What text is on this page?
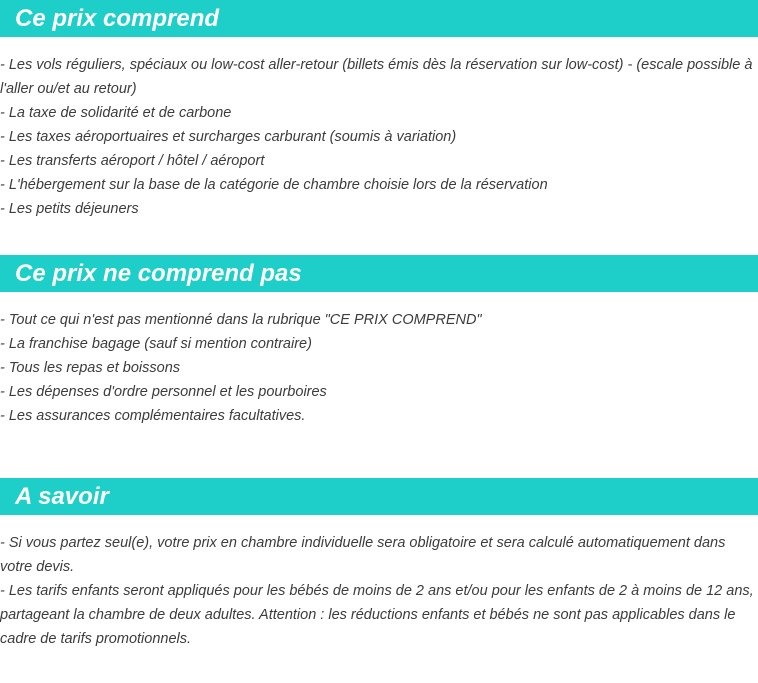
Ce prix comprend
- Les vols réguliers, spéciaux ou low-cost aller-retour (billets émis dès la réservation sur low-cost) - (escale possible à l'aller ou/et au retour)
- La taxe de solidarité et de carbone
- Les taxes aéroportuaires et surcharges carburant (soumis à variation)
- Les transferts aéroport / hôtel / aéroport
- L'hébergement sur la base de la catégorie de chambre choisie lors de la réservation
- Les petits déjeuners
Ce prix ne comprend pas
- Tout ce qui n'est pas mentionné dans la rubrique "CE PRIX COMPREND"
- La franchise bagage (sauf si mention contraire)
- Tous les repas et boissons
- Les dépenses d'ordre personnel et les pourboires
- Les assurances complémentaires facultatives.
A savoir
- Si vous partez seul(e), votre prix en chambre individuelle sera obligatoire et sera calculé automatiquement dans votre devis.
- Les tarifs enfants seront appliqués pour les bébés de moins de 2 ans et/ou pour les enfants de 2 à moins de 12 ans, partageant la chambre de deux adultes. Attention : les réductions enfants et bébés ne sont pas applicables dans le cadre de tarifs promotionnels.
